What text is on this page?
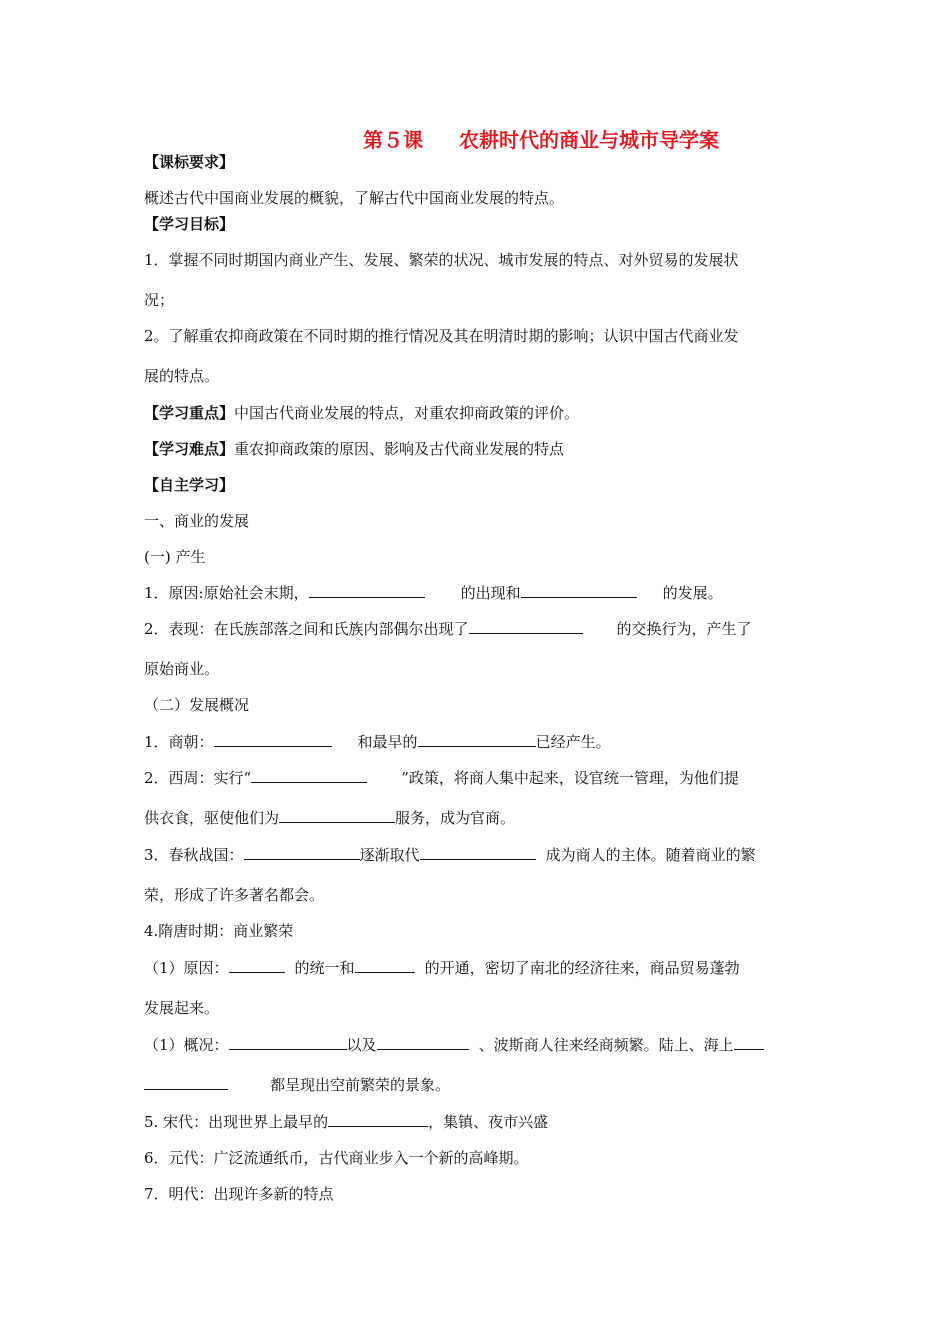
第５课 农耕时代的商业与城市导学案
【课标要求】
概述古代中国商业发展的概貌，了解古代中国商业发展的特点。
【学习目标】
1．掌握不同时期国内商业产生、发展、繁荣的状况、城市发展的特点、对外贸易的发展状
况；
2。了解重农抑商政策在不同时期的推行情况及其在明清时期的影响；认识中国古代商业发
展的特点。
【学习重点】中国古代商业发展的特点，对重农抑商政策的评价。
【学习难点】重农抑商政策的原因、影响及古代商业发展的特点
【自主学习】
一、商业的发展
(一) 产生
1．原因:原始社会末期，	的出现和	的发展。
2．表现：在氏族部落之间和氏族内部偶尔出现了	的交换行为，产生了
原始商业。
（二）发展概况
1．商朝：	和最早的	已经产生。
2．西周：实行“	”政策，将商人集中起来，设官统一管理，为他们提
供衣食，驱使他们为	服务，成为官商。
3．春秋战国：	逐渐取代	成为商人的主体。随着商业的繁
荣，形成了许多著名都会。
4.隋唐时期：商业繁荣
（1）原因：	的统一和	的开通，密切了南北的经济往来，商品贸易蓬勃
发展起来。
（1）概况：	以及	、波斯商人往来经商频繁。陆上、海上
都呈现出空前繁荣的景象。
5. 宋代：出现世界上最早的	，集镇、夜市兴盛
6．元代：广泛流通纸币，古代商业步入一个新的高峰期。
7．明代：出现许多新的特点
